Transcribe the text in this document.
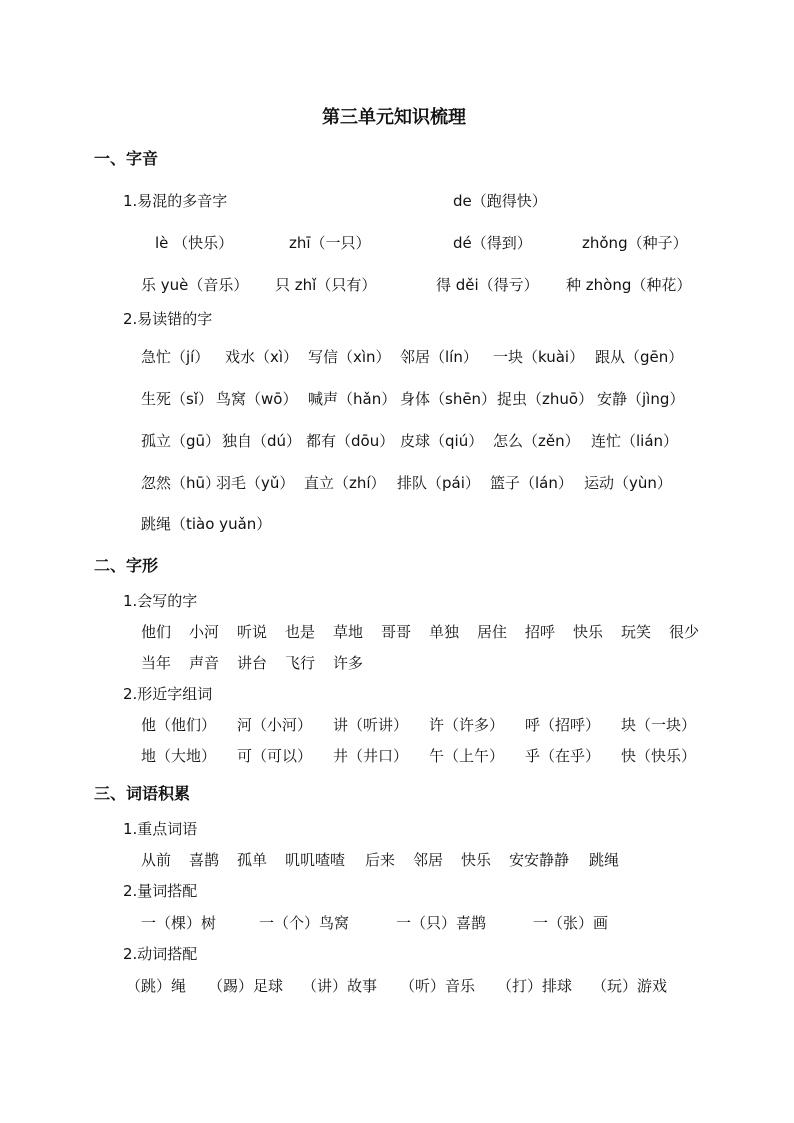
第三单元知识梳理
一、字音
1.易混的多音字	de（跑得快）
lè （快乐）	zhī（一只）	dé（得到）	zhǒng（种子）
乐 yuè（音乐） 只 zhǐ（只有）	得 děi（得亏） 种 zhòng（种花）
2.易读错的字
急忙（jí） 戏水（xì） 写信（xìn） 邻居（lín） 一块（kuài） 跟从（gēn）
生死（sǐ） 鸟窝（wō） 喊声（hǎn） 身体（shēn） 捉虫（zhuō） 安静（jìng）
孤立（gū） 独自（dú） 都有（dōu） 皮球（qiú） 怎么（zěn） 连忙（lián）
忽然（hū）
羽毛（yǔ） 直立（zhí） 排队（pái） 篮子（lán） 运动（yùn）
跳绳（tiào yuǎn）
二、字形
1.会写的字
他们 小河 听说 也是 草地 哥哥 单独 居住 招呼 快乐 玩笑 很少
当年 声音 讲台 飞行 许多
2.形近字组词
他（他们） 河（小河） 讲（听讲） 许（许多） 呼（招呼） 块（一块）
地（大地） 可（可以） 井（井口） 午（上午） 乎（在乎） 快（快乐）
三、词语积累
1.重点词语
从前 喜鹊 孤单 叽叽喳喳 后来 邻居 快乐 安安静静 跳绳
2.量词搭配
一（棵）树	一（个）鸟窝	一（只）喜鹊	一（张）画
2.动词搭配
（跳）绳 （踢）足球 （讲）故事 （听）音乐 （打）排球 （玩）游戏
